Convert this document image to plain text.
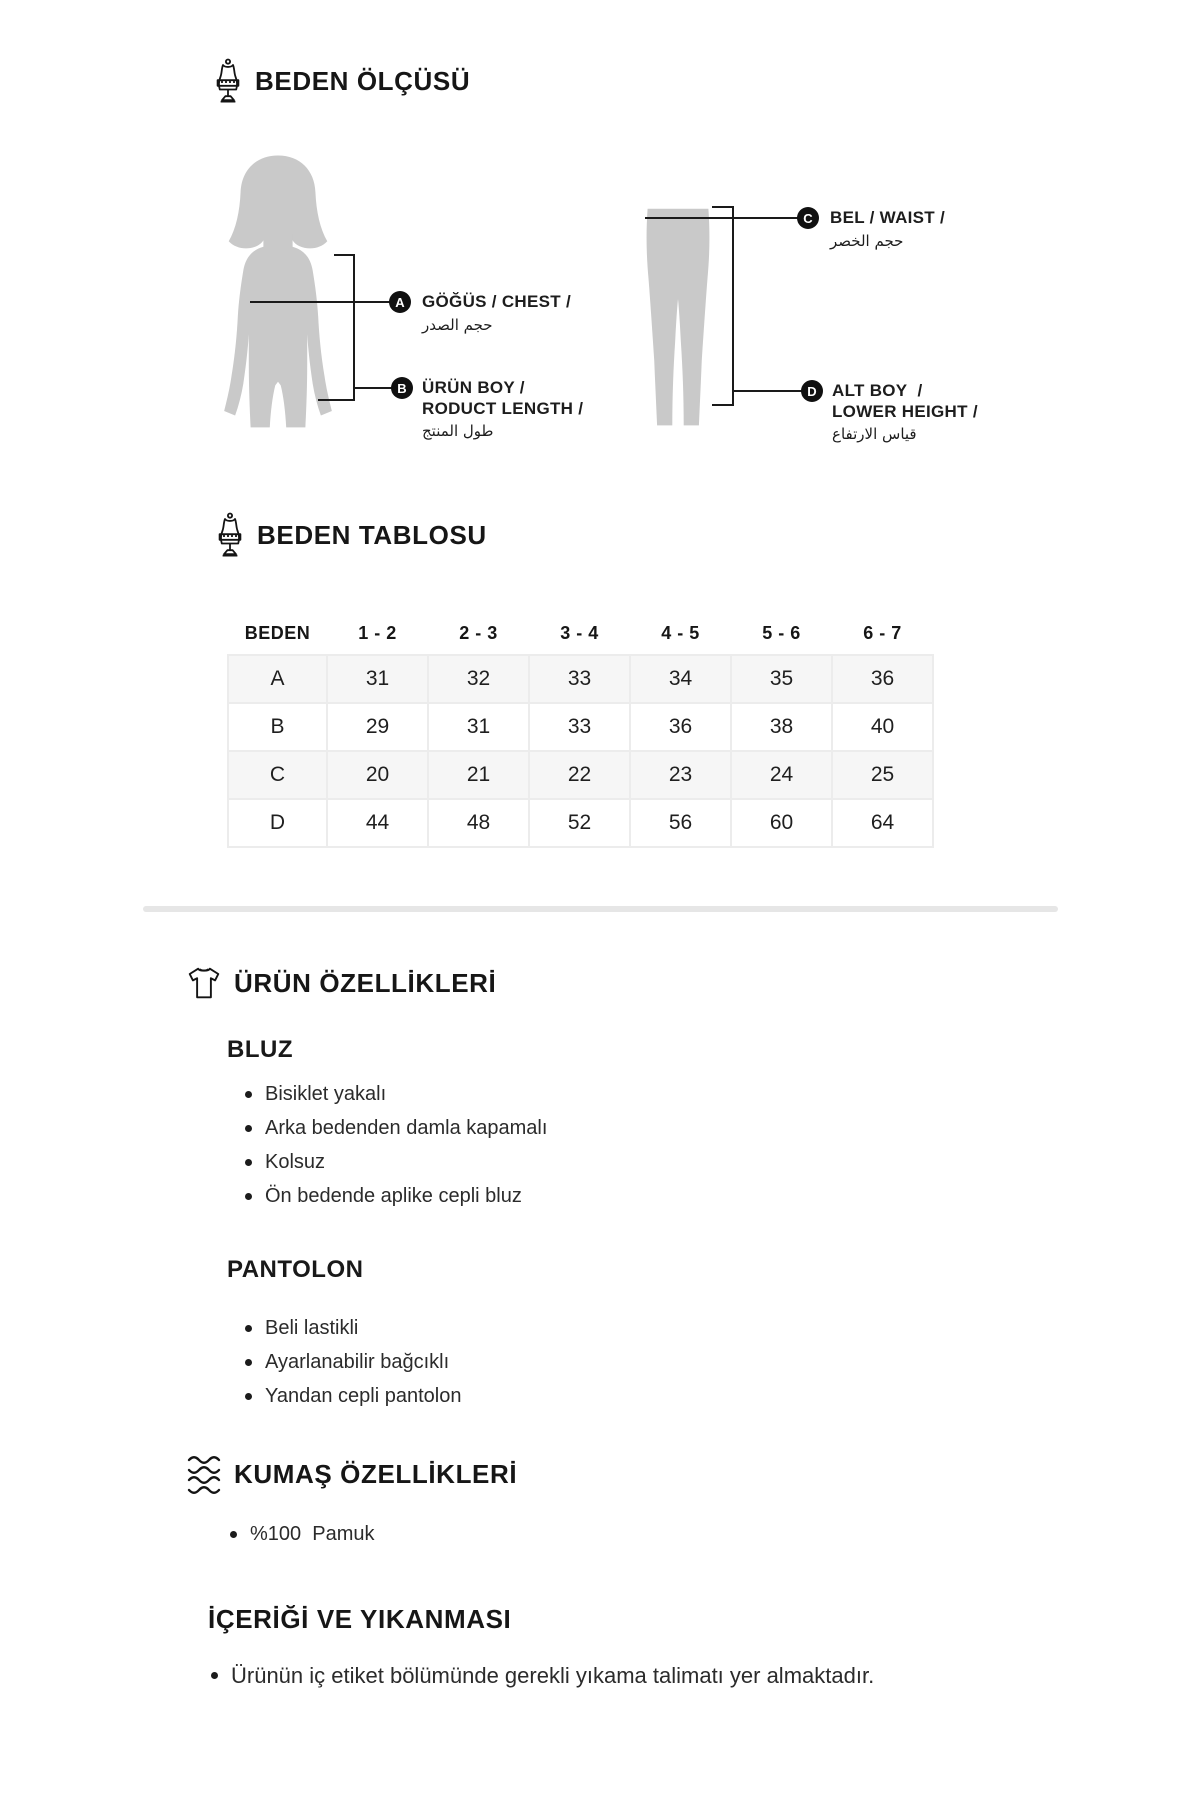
BEDEN ÖLÇÜSÜ
A
B
C
D
GÖĞÜS / CHEST /
حجم الصدر
ÜRÜN BOY /
RODUCT LENGTH /
طول المنتج
BEL / WAIST /
حجم الخصر
ALT BOY  /
LOWER HEIGHT /
قياس الارتفاع
BEDEN TABLOSU
BEDEN	1 - 2	2 - 3	3 - 4	4 - 5	5 - 6	6 - 7
A	31	32	33	34	35	36
B	29	31	33	36	38	40
C	20	21	22	23	24	25
D	44	48	52	56	60	64
ÜRÜN ÖZELLİKLERİ
BLUZ
Bisiklet yakalı
Arka bedenden damla kapamalı
Kolsuz
Ön bedende aplike cepli bluz
PANTOLON
Beli lastikli
Ayarlanabilir bağcıklı
Yandan cepli pantolon
KUMAŞ ÖZELLİKLERİ
%100  Pamuk
İÇERİĞİ VE YIKANMASI
Ürünün iç etiket bölümünde gerekli yıkama talimatı yer almaktadır.
